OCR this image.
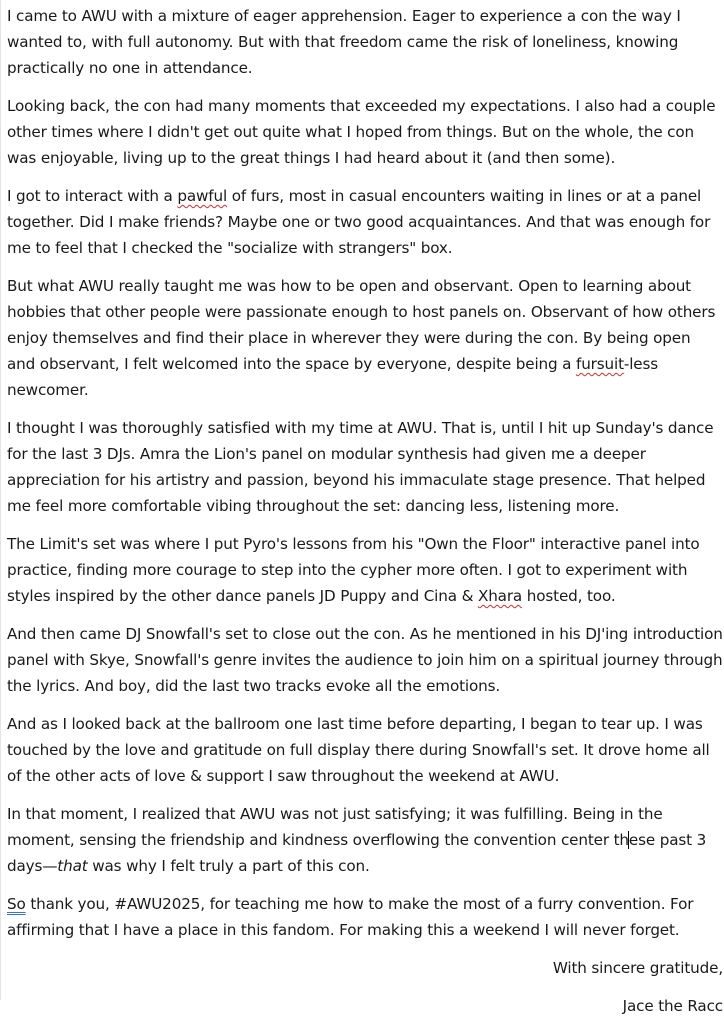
I came to AWU with a mixture of eager apprehension. Eager to experience a con the way I wanted to, with full autonomy. But with that freedom came the risk of loneliness, knowing practically no one in attendance.

Looking back, the con had many moments that exceeded my expectations. I also had a couple other times where I didn't get out quite what I hoped from things. But on the whole, the con was enjoyable, living up to the great things I had heard about it (and then some).

I got to interact with a pawful of furs, most in casual encounters waiting in lines or at a panel together. Did I make friends? Maybe one or two good acquaintances. And that was enough for me to feel that I checked the "socialize with strangers" box.

But what AWU really taught me was how to be open and observant. Open to learning about hobbies that other people were passionate enough to host panels on. Observant of how others enjoy themselves and find their place in wherever they were during the con. By being open and observant, I felt welcomed into the space by everyone, despite being a fursuit-less newcomer.

I thought I was thoroughly satisfied with my time at AWU. That is, until I hit up Sunday's dance for the last 3 DJs. Amra the Lion's panel on modular synthesis had given me a deeper appreciation for his artistry and passion, beyond his immaculate stage presence. That helped me feel more comfortable vibing throughout the set: dancing less, listening more.

The Limit's set was where I put Pyro's lessons from his "Own the Floor" interactive panel into practice, finding more courage to step into the cypher more often. I got to experiment with styles inspired by the other dance panels JD Puppy and Cina & Xhara hosted, too.

And then came DJ Snowfall's set to close out the con. As he mentioned in his DJ'ing introduction panel with Skye, Snowfall's genre invites the audience to join him on a spiritual journey through the lyrics. And boy, did the last two tracks evoke all the emotions.

And as I looked back at the ballroom one last time before departing, I began to tear up. I was touched by the love and gratitude on full display there during Snowfall's set. It drove home all of the other acts of love & support I saw throughout the weekend at AWU.

In that moment, I realized that AWU was not just satisfying; it was fulfilling. Being in the moment, sensing the friendship and kindness overflowing the convention center these past 3 days—that was why I felt truly a part of this con.

So thank you, #AWU2025, for teaching me how to make the most of a furry convention. For affirming that I have a place in this fandom. For making this a weekend I will never forget.

With sincere gratitude,

Jace the Racc
